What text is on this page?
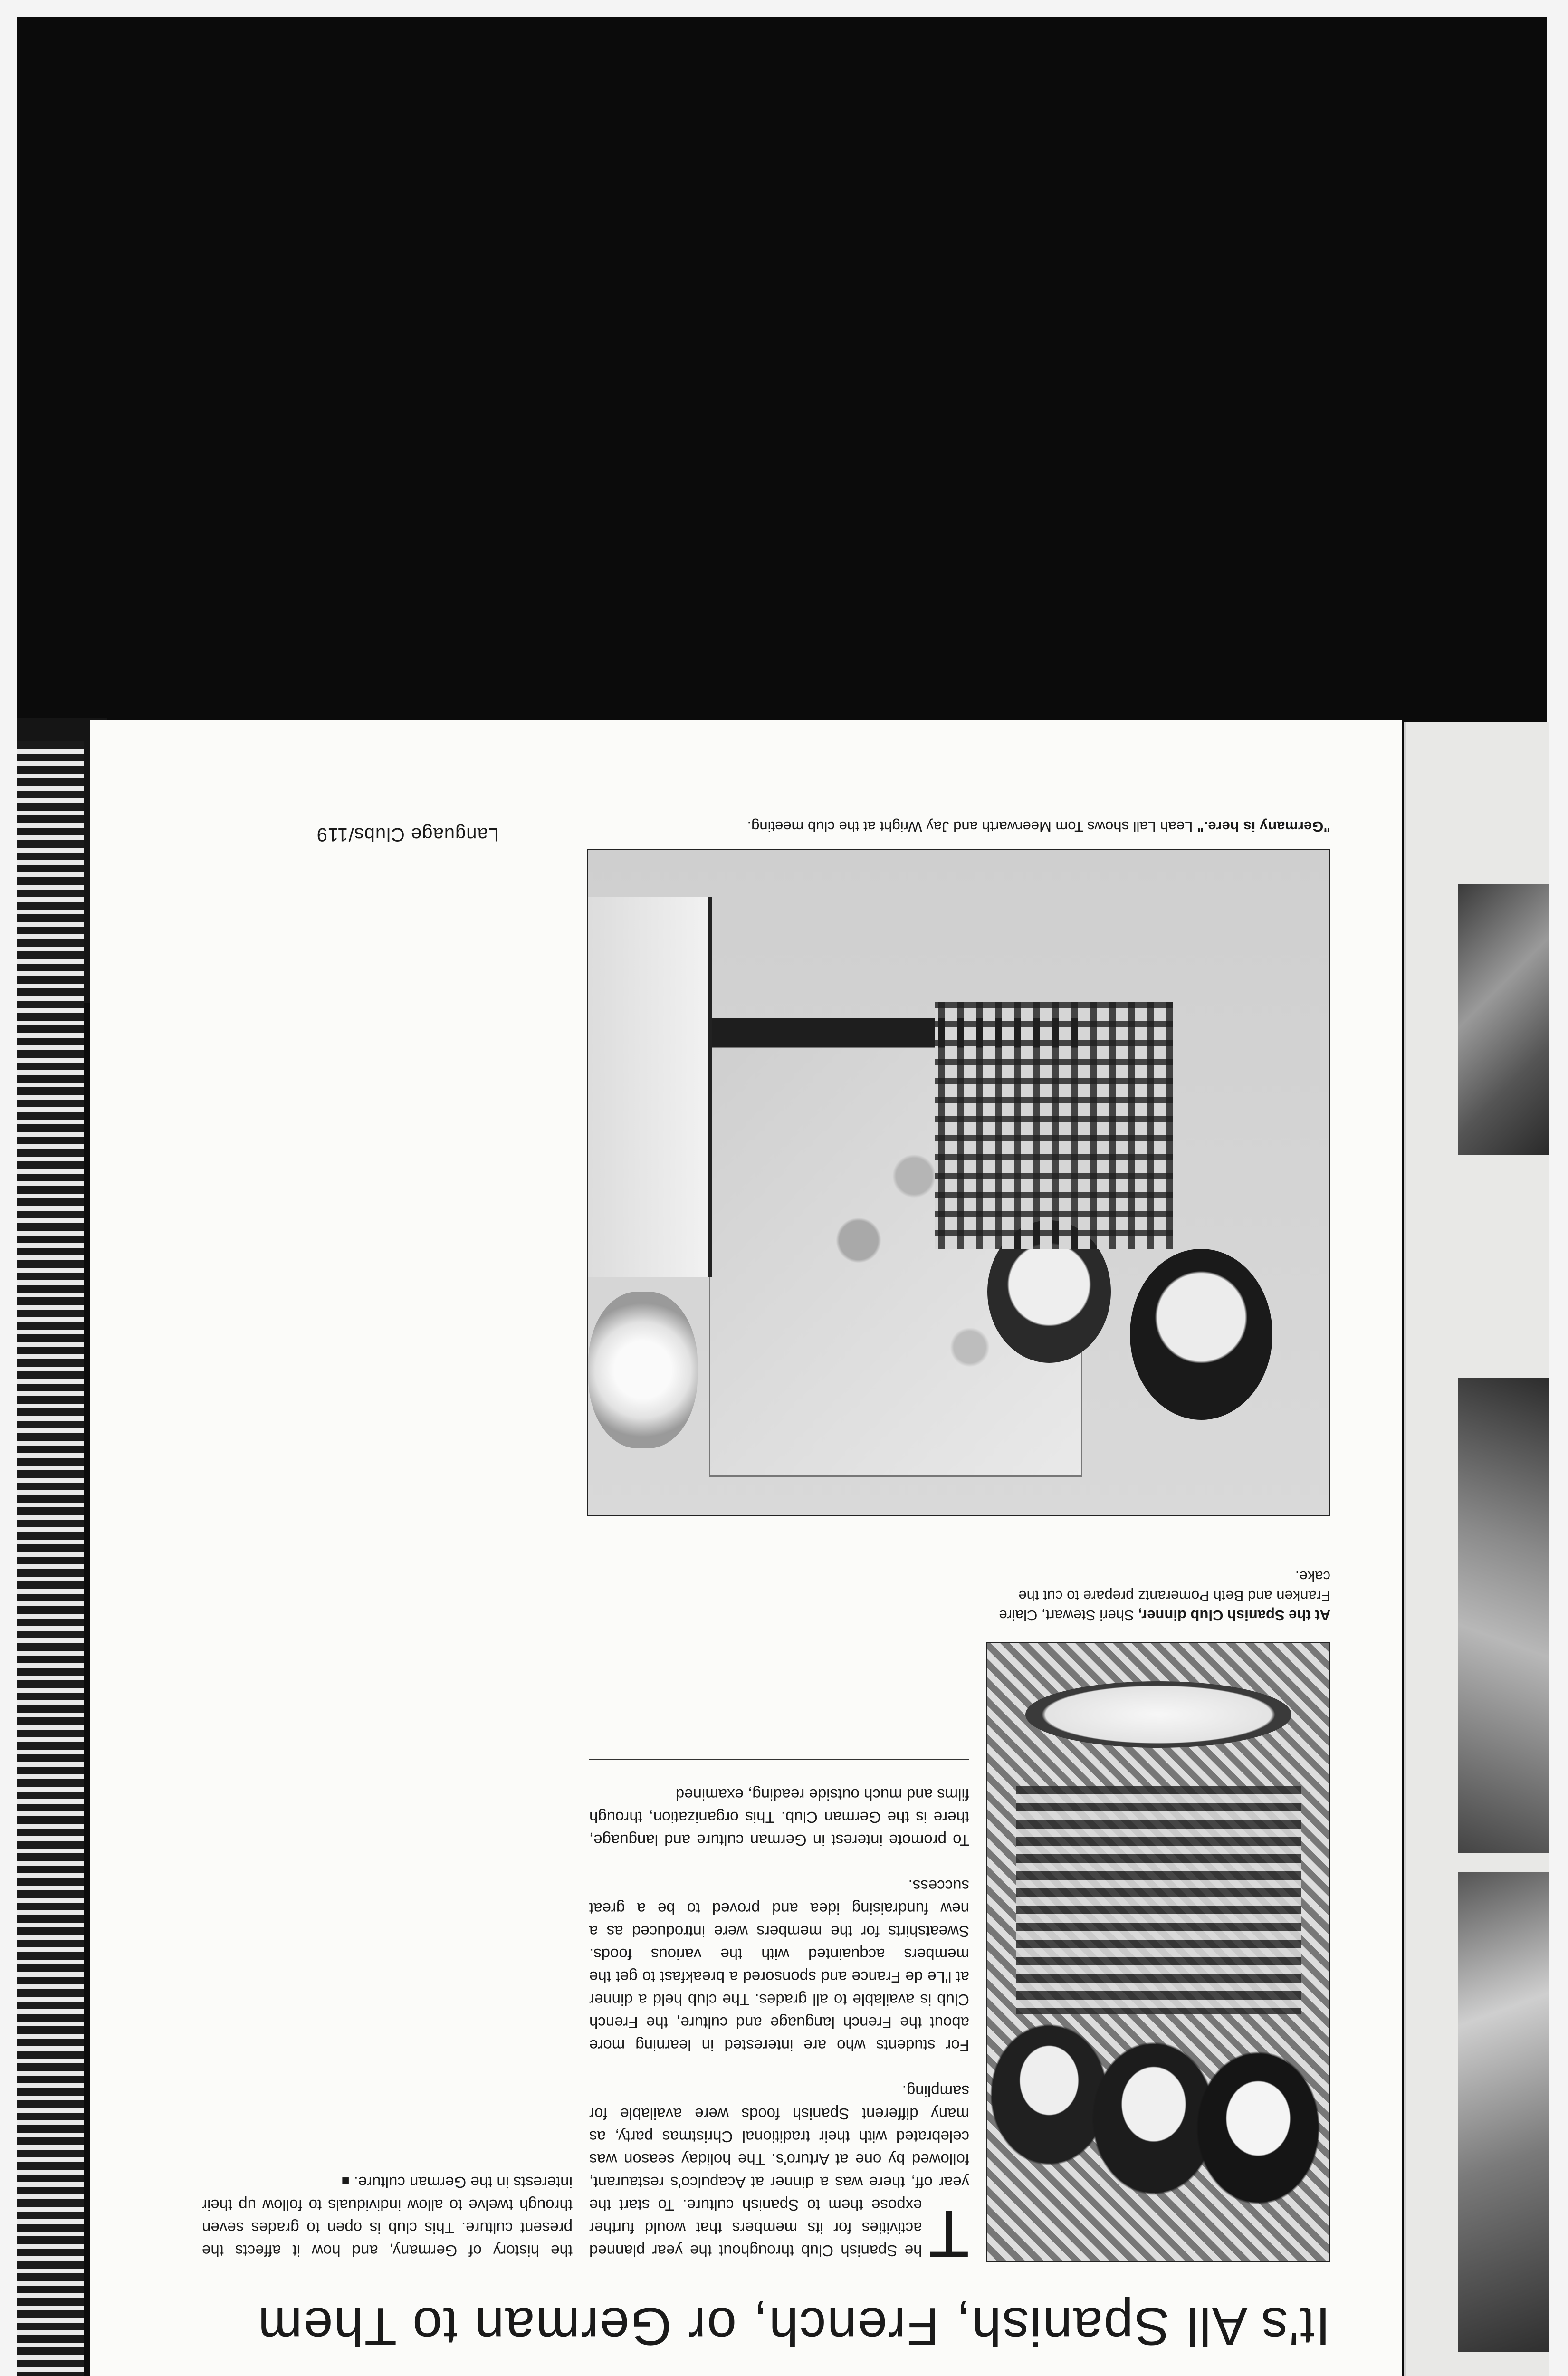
It's All Spanish, French, or German to Them

At the Spanish Club dinner, Sheri Stewart, Claire Franken and Beth Pomerantz prepare to cut the cake.

T
he Spanish Club throughout the year planned activities for its members that would further expose them to Spanish culture. To start the year off, there was a dinner at Acapulco's restaurant, followed by one at Arturo's. The holiday season was celebrated with their traditional Christmas party, as many different Spanish foods were available for sampling.

For students who are interested in learning more about the French language and culture, the French Club is available to all grades. The club held a dinner at l'Le de France and sponsored a breakfast to get the members acquainted with the various foods. Sweatshirts for the members were introduced as a new fundraising idea and proved to be a great success.

To promote interest in German culture and language, there is the German Club. This organization, through films and much outside reading, examined

the history of Germany, and how it affects the present culture. This club is open to grades seven through twelve to allow individuals to follow up their interests in the German culture. ■

"Germany is here." Leah Lall shows Tom Meerwarth and Jay Wright at the club meeting.

Language Clubs/119
